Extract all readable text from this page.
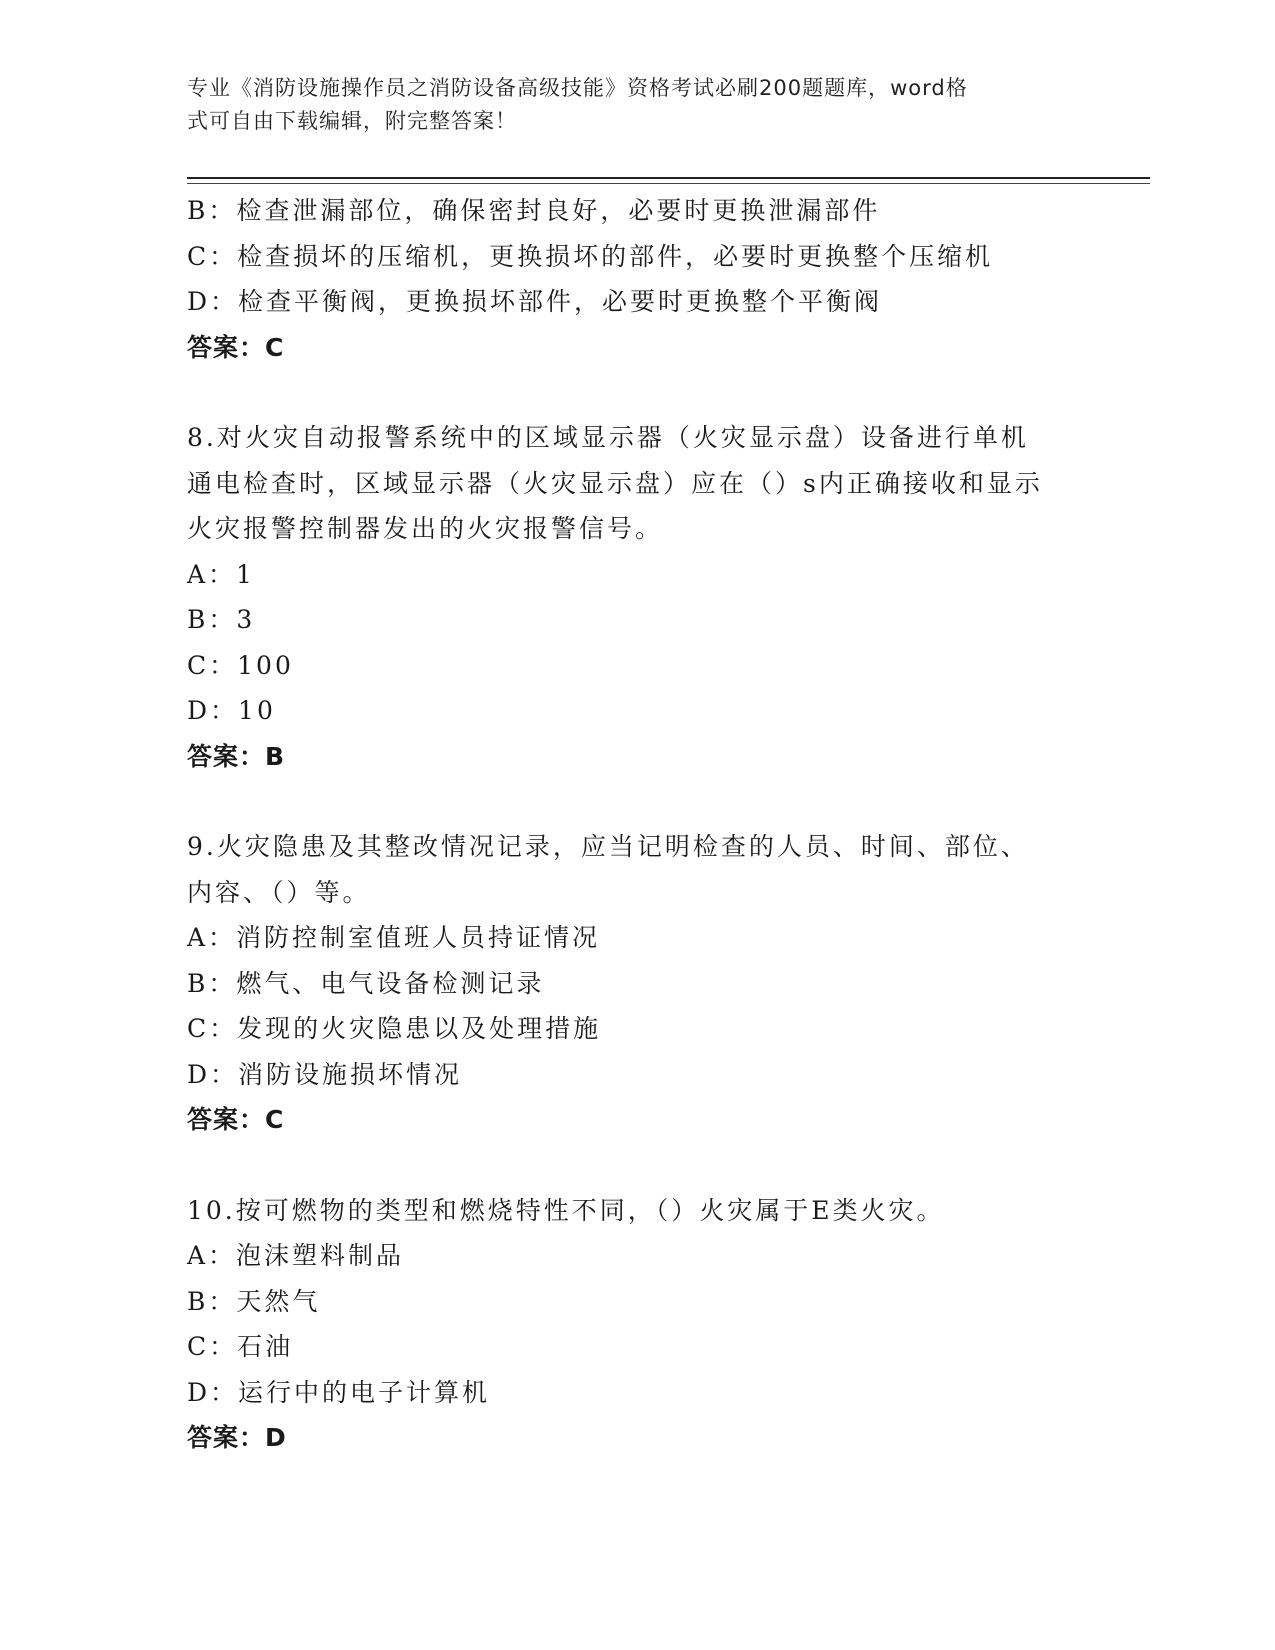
专业《消防设施操作员之消防设备高级技能》资格考试必刷200题题库，word格
式可自由下载编辑，附完整答案！
B：检查泄漏部位，确保密封良好，必要时更换泄漏部件
C：检查损坏的压缩机，更换损坏的部件，必要时更换整个压缩机
D：检查平衡阀，更换损坏部件，必要时更换整个平衡阀
答案：C
8.对火灾自动报警系统中的区域显示器（火灾显示盘）设备进行单机
通电检查时，区域显示器（火灾显示盘）应在（）s内正确接收和显示
火灾报警控制器发出的火灾报警信号。
A：1
B：3
C：100
D：10
答案：B
9.火灾隐患及其整改情况记录，应当记明检查的人员、时间、部位、
内容、（）等。
A：消防控制室值班人员持证情况
B：燃气、电气设备检测记录
C：发现的火灾隐患以及处理措施
D：消防设施损坏情况
答案：C
10.按可燃物的类型和燃烧特性不同，（）火灾属于E类火灾。
A：泡沫塑料制品
B：天然气
C：石油
D：运行中的电子计算机
答案：D
